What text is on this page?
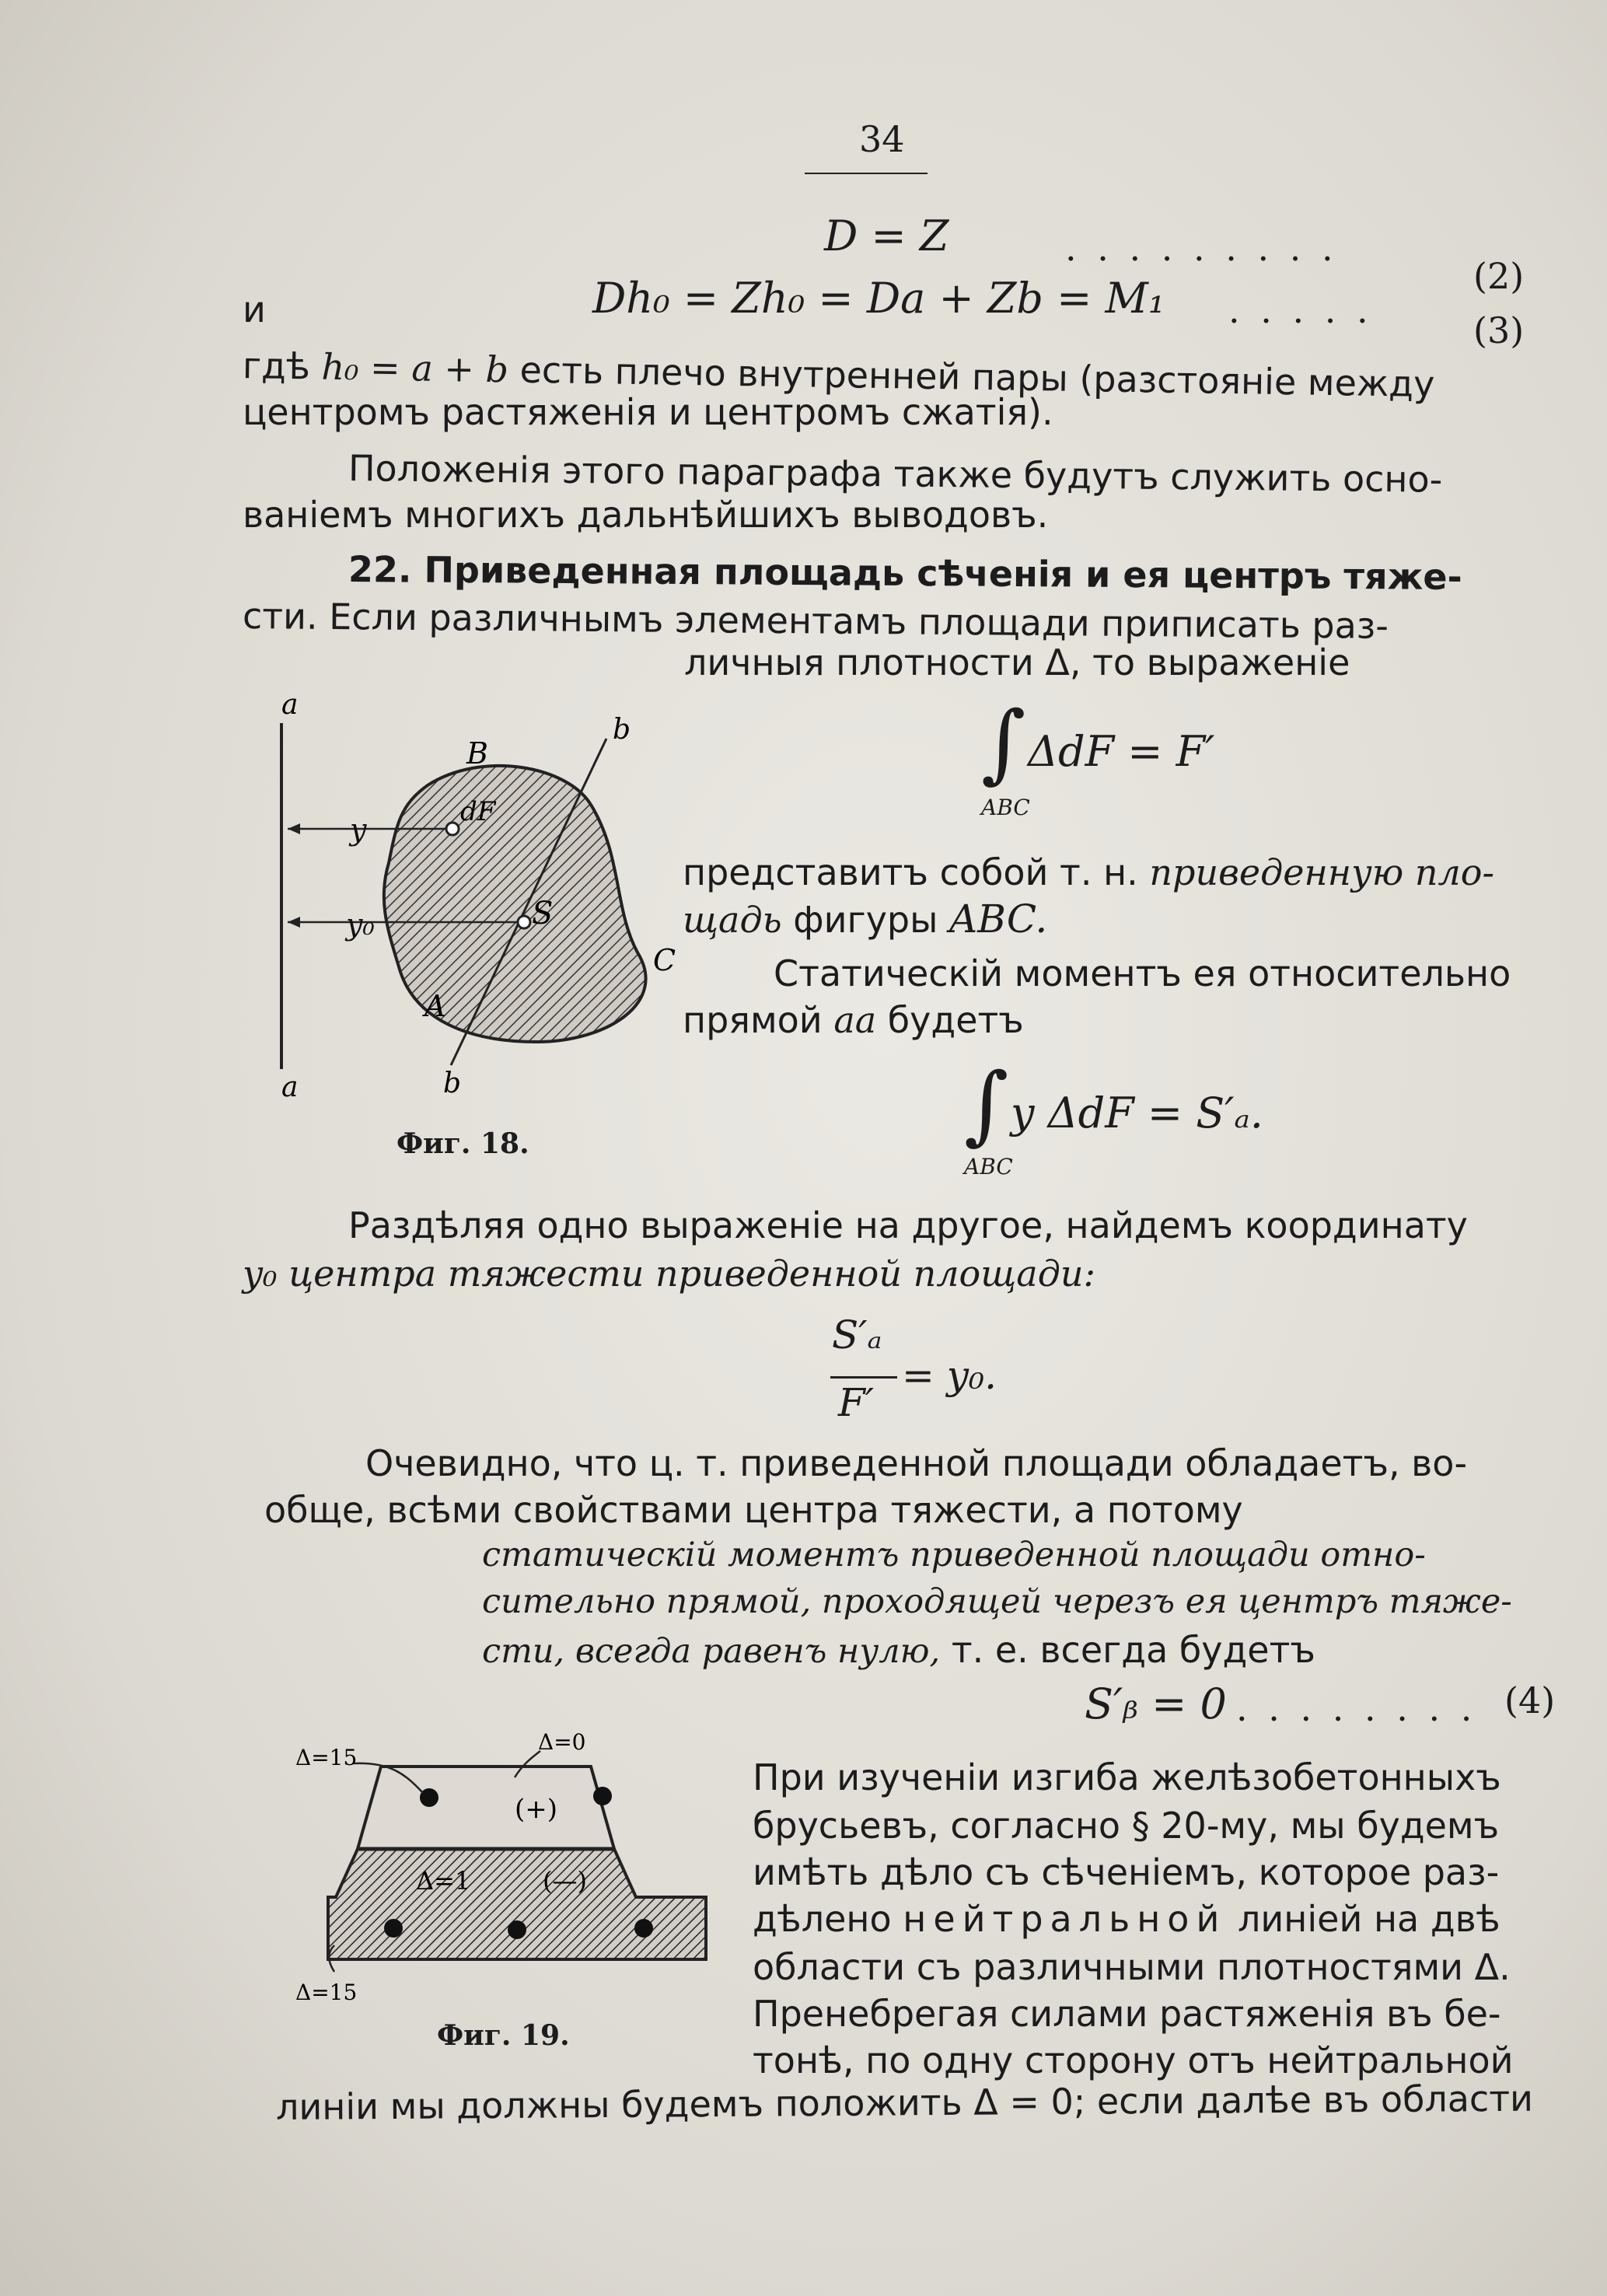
34
D = Z	. . . . . . . . .
(2)
и	Dh₀ = Zh₀ = Da + Zb = M₁ . . . . .	(3)
гдѣ h₀ = a + b есть плечо внутренней пары (разстояніе между
центромъ растяженія и центромъ сжатія).
Положенія этого параграфа также будутъ служить осно-
ваніемъ многихъ дальнѣйшихъ выводовъ.
22. Приведенная площадь сѣченія и ея центръ тяже-
сти. Если различнымъ элементамъ площади приписать раз-
личныя плотности Δ, то выраженіе
∫ ΔdF = F′
ABC
представитъ собой т. н. приведенную пло-
щадь фигуры ABC.
Статическій моментъ ея относительно
прямой aa будетъ
∫ y ΔdF = S′ₐ.
ABC
a
a
b
b
B
A
C
dF
S
y
y₀
Фиг. 18.
Раздѣляя одно выраженіе на другое, найдемъ координату
y₀ центра тяжести приведенной площади:
S′ₐ
F′
= y₀.
Очевидно, что ц. т. приведенной площади обладаетъ, во-
обще, всѣми свойствами центра тяжести, а потому
статическій моментъ приведенной площади отно-
сительно прямой, проходящей черезъ ея центръ тяже-
сти, всегда равенъ нулю, т. е. всегда будетъ
S′ᵦ = 0 . . . . . . . . (4)
Δ=15
Δ=0
(+)
Δ=1	(—)
Δ=15
Фиг. 19.
При изученіи изгиба желѣзобетонныхъ
брусьевъ, согласно § 20-му, мы будемъ
имѣть дѣло съ сѣченіемъ, которое раз-
дѣлено нейтральной линіей на двѣ
области съ различными плотностями Δ.
Пренебрегая силами растяженія въ бе-
тонѣ, по одну сторону отъ нейтральной
линіи мы должны будемъ положить Δ = 0; если далѣе въ области
